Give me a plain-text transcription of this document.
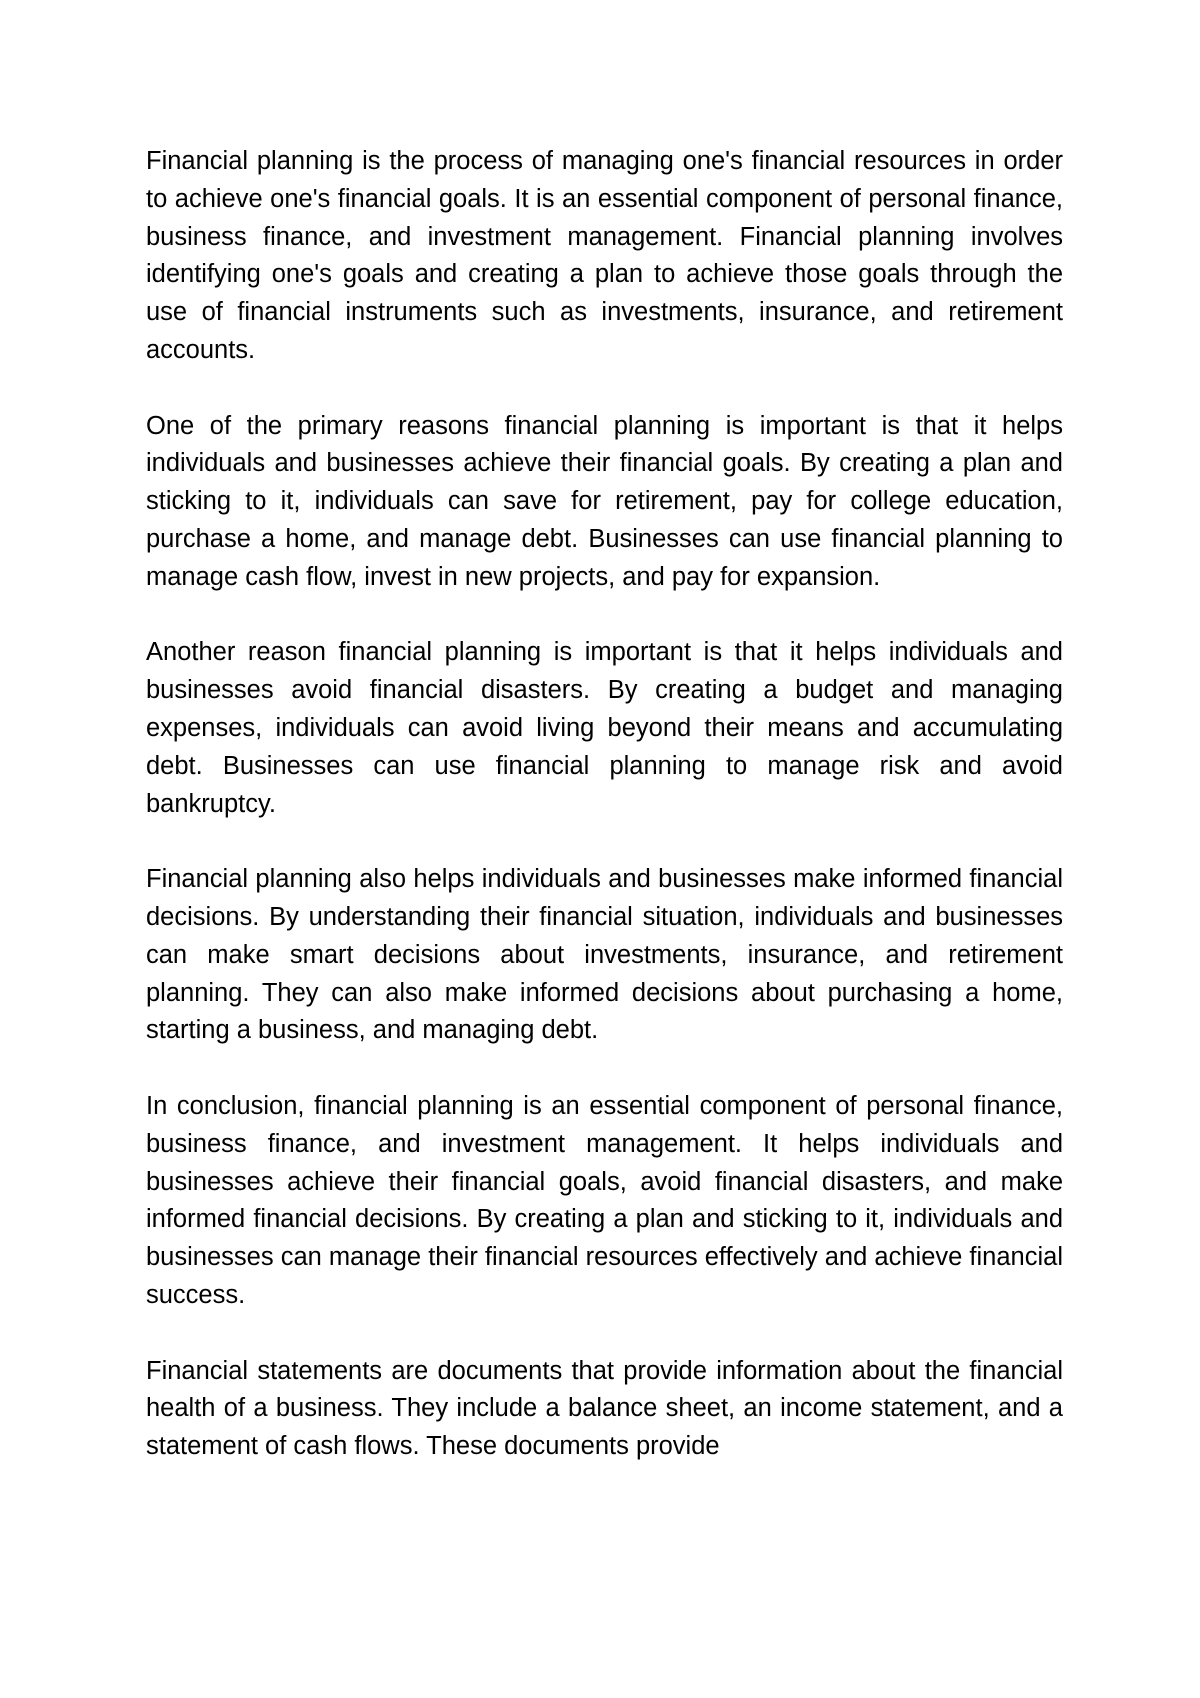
Financial planning is the process of managing one's financial resources in order to achieve one's financial goals. It is an essential component of personal finance, business finance, and investment management. Financial planning involves identifying one's goals and creating a plan to achieve those goals through the use of financial instruments such as investments, insurance, and retirement accounts.

One of the primary reasons financial planning is important is that it helps individuals and businesses achieve their financial goals. By creating a plan and sticking to it, individuals can save for retirement, pay for college education, purchase a home, and manage debt. Businesses can use financial planning to manage cash flow, invest in new projects, and pay for expansion.

Another reason financial planning is important is that it helps individuals and businesses avoid financial disasters. By creating a budget and managing expenses, individuals can avoid living beyond their means and accumulating debt. Businesses can use financial planning to manage risk and avoid bankruptcy.

Financial planning also helps individuals and businesses make informed financial decisions. By understanding their financial situation, individuals and businesses can make smart decisions about investments, insurance, and retirement planning. They can also make informed decisions about purchasing a home, starting a business, and managing debt.

In conclusion, financial planning is an essential component of personal finance, business finance, and investment management. It helps individuals and businesses achieve their financial goals, avoid financial disasters, and make informed financial decisions. By creating a plan and sticking to it, individuals and businesses can manage their financial resources effectively and achieve financial success.

Financial statements are documents that provide information about the financial health of a business. They include a balance sheet, an income statement, and a statement of cash flows. These documents provide
